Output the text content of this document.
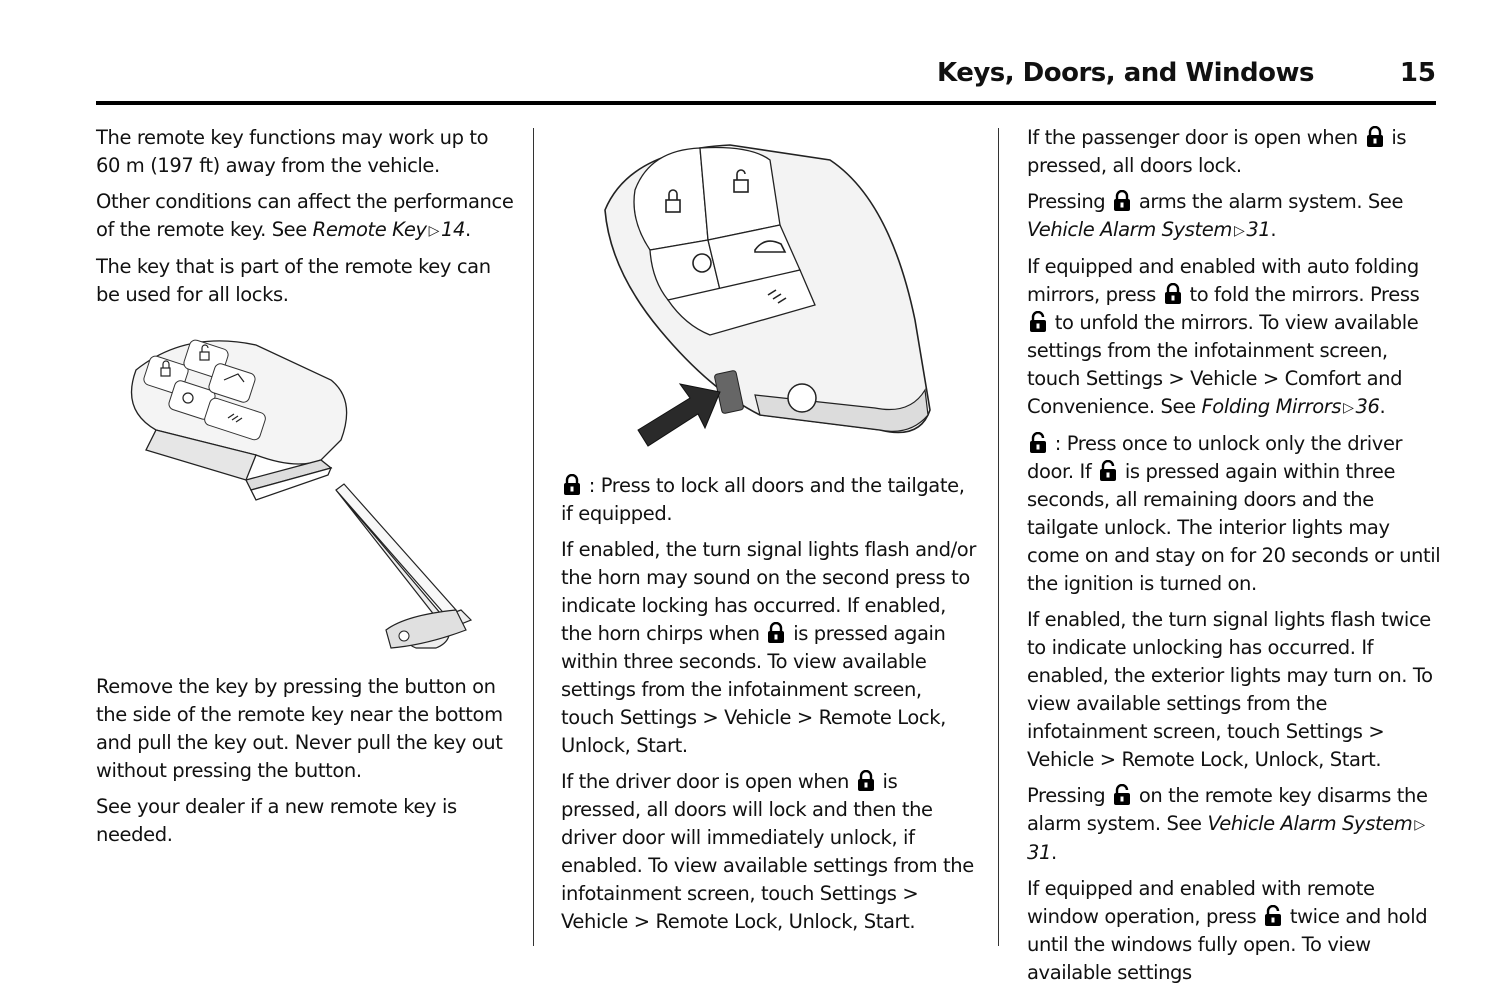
Keys, Doors, and Windows	15

The remote key functions may work up to 60 m (197 ft) away from the vehicle.

Other conditions can affect the performance of the remote key. See Remote Key ▷ 14.

The key that is part of the remote key can be used for all locks.

Remove the key by pressing the button on the side of the remote key near the bottom and pull the key out. Never pull the key out without pressing the button.

See your dealer if a new remote key is needed.

: Press to lock all doors and the tailgate, if equipped.

If enabled, the turn signal lights flash and/or the horn may sound on the second press to indicate locking has occurred. If enabled, the horn chirps when
is pressed again within three seconds. To view available settings from the infotainment screen, touch Settings > Vehicle > Remote Lock, Unlock, Start.

If the driver door is open when
is pressed, all doors will lock and then the driver door will immediately unlock, if enabled. To view available settings from the infotainment screen, touch Settings > Vehicle > Remote Lock, Unlock, Start.

If the passenger door is open when
is pressed, all doors lock.

Pressing
arms the alarm system. See Vehicle Alarm System ▷ 31.

If equipped and enabled with auto folding mirrors, press
to fold the mirrors. Press
to unfold the mirrors. To view available settings from the infotainment screen, touch Settings > Vehicle > Comfort and Convenience. See Folding Mirrors ▷ 36.

: Press once to unlock only the driver door. If
is pressed again within three seconds, all remaining doors and the tailgate unlock. The interior lights may come on and stay on for 20 seconds or until the ignition is turned on.

If enabled, the turn signal lights flash twice to indicate unlocking has occurred. If enabled, the exterior lights may turn on. To view available settings from the infotainment screen, touch Settings > Vehicle > Remote Lock, Unlock, Start.

Pressing
on the remote key disarms the alarm system. See Vehicle Alarm System ▷31.

If equipped and enabled with remote window operation, press
twice and hold until the windows fully open. To view available settings
